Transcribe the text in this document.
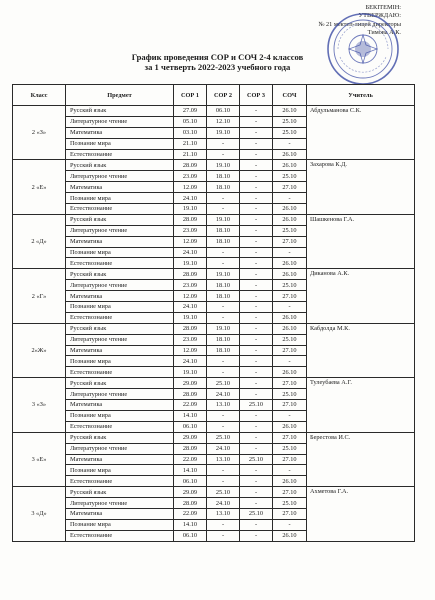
БЕКІТЕМІН:
УТВЕРЖДАЮ:
№ 21 мектеп-лицей директоры
Тимова А.К.
График проведения СОР и СОЧ 2-4 классов
за 1 четверть 2022-2023 учебного года
Класс	Предмет	СОР 1	СОР 2	СОР 3	СОЧ	Учитель
2 «З»	Русский язык	27.09	06.10	-	26.10	Абдульманова С.К.
	Литературное чтение	05.10	12.10	-	25.10	
	Математика	03.10	19.10	-	25.10	
	Познание мира	21.10	-	-	-	
	Естествознание	21.10	-	-	26.10	
2 «Е»	Русский язык	28.09	19.10	-	26.10	Захарова К.Д.
	Литературное чтение	23.09	18.10	-	25.10	
	Математика	12.09	18.10	-	27.10	
	Познание мира	24.10	-	-	-	
	Естествознание	19.10	-	-	26.10	
2 «Д»	Русский язык	28.09	19.10	-	26.10	Шашкенова Г.А.
	Литературное чтение	23.09	18.10	-	25.10	
	Математика	12.09	18.10	-	27.10	
	Познание мира	24.10	-	-	-	
	Естествознание	19.10	-	-	26.10	
2 «Г»	Русский язык	28.09	19.10	-	26.10	Диканова А.К.
	Литературное чтение	23.09	18.10	-	25.10	
	Математика	12.09	18.10	-	27.10	
	Познание мира	24.10	-	-	-	
	Естествознание	19.10	-	-	26.10	
2«Ж»	Русский язык	28.09	19.10	-	26.10	Кабдолда М.К.
	Литературное чтение	23.09	18.10	-	25.10	
	Математика	12.09	18.10	-	27.10	
	Познание мира	24.10	-	-	-	
	Естествознание	19.10	-	-	26.10	
3 «З»	Русский язык	29.09	25.10	-	27.10	Тулеубаева А.Г.
	Литературное чтение	28.09	24.10	-	25.10	
	Математика	22.09	13.10	25.10	27.10	
	Познание мира	14.10	-	-	-	
	Естествознание	06.10	-	-	26.10	
3 «Е»	Русский язык	29.09	25.10	-	27.10	Берестова И.С.
	Литературное чтение	28.09	24.10	-	25.10	
	Математика	22.09	13.10	25.10	27.10	
	Познание мира	14.10	-	-	-	
	Естествознание	06.10	-	-	26.10	
3 «Д»	Русский язык	29.09	25.10	-	27.10	Ахметова Г.А.
	Литературное чтение	28.09	24.10	-	25.10	
	Математика	22.09	13.10	25.10	27.10	
	Познание мира	14.10	-	-	-	
	Естествознание	06.10	-	-	26.10	
